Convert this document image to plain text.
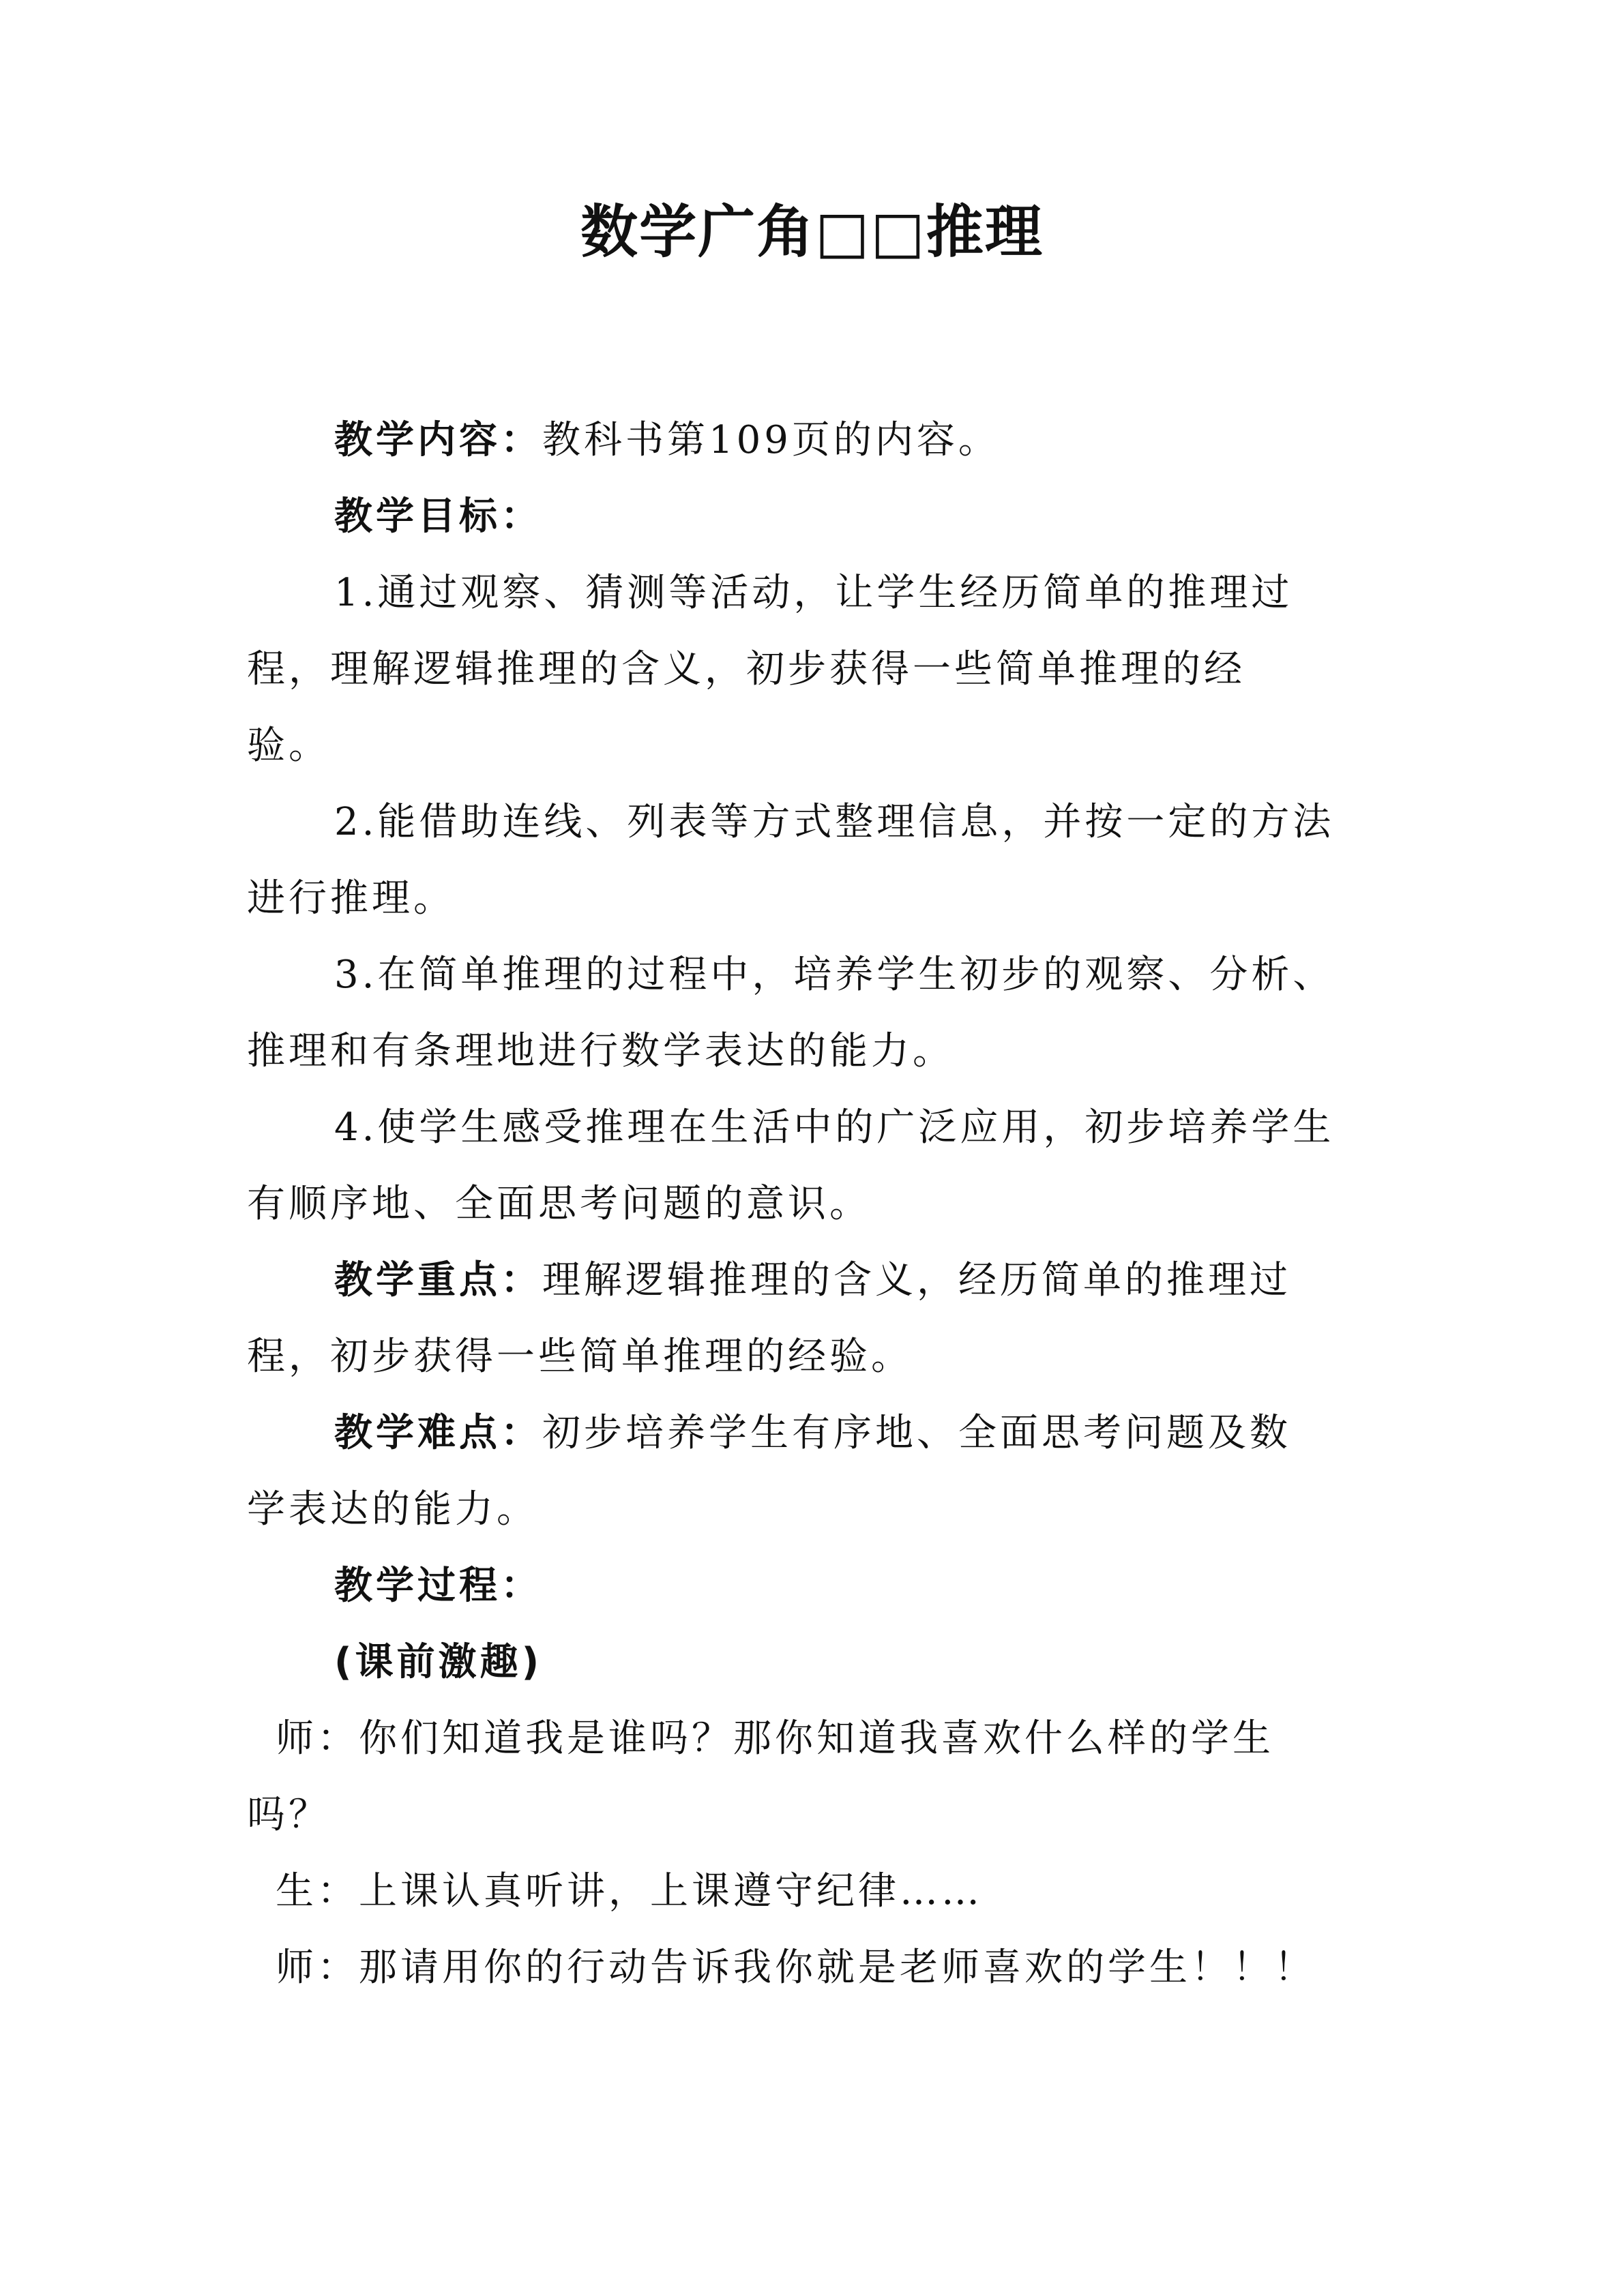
数学广角□□推理
教学内容：教科书第109页的内容。
教学目标：
1.通过观察、猜测等活动，让学生经历简单的推理过
程，理解逻辑推理的含义，初步获得一些简单推理的经
验。
2.能借助连线、列表等方式整理信息，并按一定的方法
进行推理。
3.在简单推理的过程中，培养学生初步的观察、分析、
推理和有条理地进行数学表达的能力。
4.使学生感受推理在生活中的广泛应用，初步培养学生
有顺序地、全面思考问题的意识。
教学重点：理解逻辑推理的含义，经历简单的推理过
程，初步获得一些简单推理的经验。
教学难点：初步培养学生有序地、全面思考问题及数
学表达的能力。
教学过程：
(课前激趣)
师：你们知道我是谁吗？那你知道我喜欢什么样的学生
吗？
生：上课认真听讲，上课遵守纪律……
师：那请用你的行动告诉我你就是老师喜欢的学生！！！
